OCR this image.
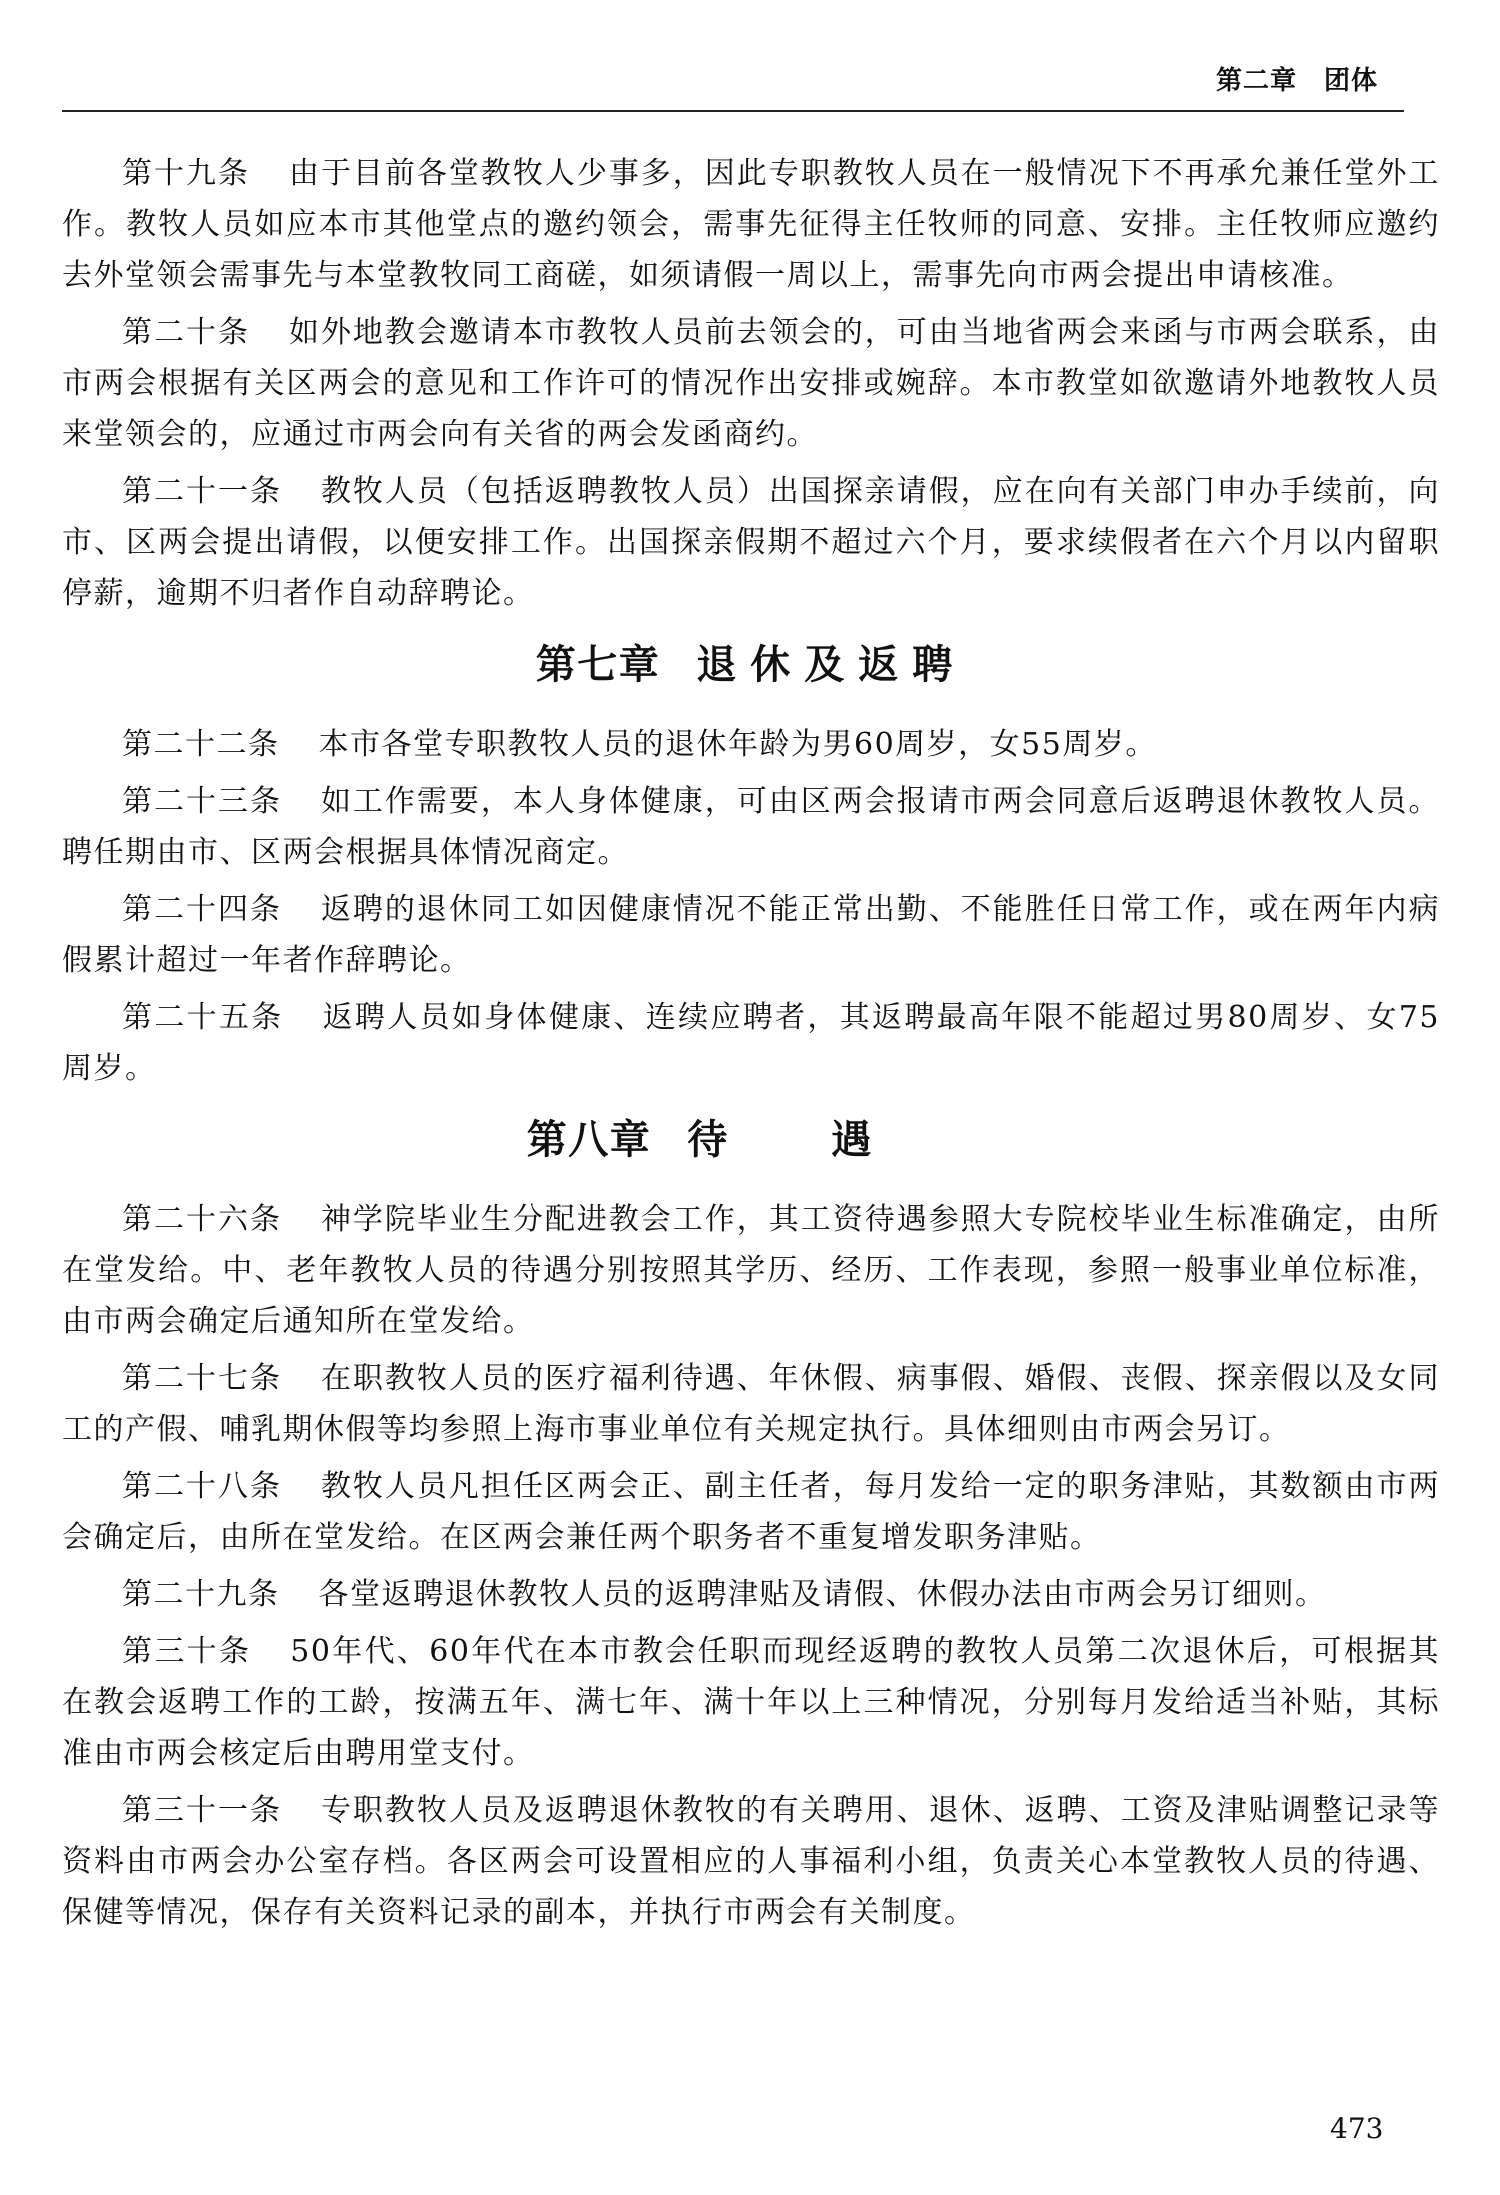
第二章　团体

第十九条 由于目前各堂教牧人少事多，因此专职教牧人员在一般情况下不再承允兼任堂外工作。教牧人员如应本市其他堂点的邀约领会，需事先征得主任牧师的同意、安排。主任牧师应邀约去外堂领会需事先与本堂教牧同工商磋，如须请假一周以上，需事先向市两会提出申请核准。

第二十条 如外地教会邀请本市教牧人员前去领会的，可由当地省两会来函与市两会联系，由市两会根据有关区两会的意见和工作许可的情况作出安排或婉辞。本市教堂如欲邀请外地教牧人员来堂领会的，应通过市两会向有关省的两会发函商约。

第二十一条 教牧人员（包括返聘教牧人员）出国探亲请假，应在向有关部门申办手续前，向市、区两会提出请假，以便安排工作。出国探亲假期不超过六个月，要求续假者在六个月以内留职停薪，逾期不归者作自动辞聘论。

第七章 退休及返聘

第二十二条 本市各堂专职教牧人员的退休年龄为男60周岁，女55周岁。

第二十三条 如工作需要，本人身体健康，可由区两会报请市两会同意后返聘退休教牧人员。聘任期由市、区两会根据具体情况商定。

第二十四条 返聘的退休同工如因健康情况不能正常出勤、不能胜任日常工作，或在两年内病假累计超过一年者作辞聘论。

第二十五条 返聘人员如身体健康、连续应聘者，其返聘最高年限不能超过男80周岁、女75周岁。

第八章 待遇

第二十六条 神学院毕业生分配进教会工作，其工资待遇参照大专院校毕业生标准确定，由所在堂发给。中、老年教牧人员的待遇分别按照其学历、经历、工作表现，参照一般事业单位标准，由市两会确定后通知所在堂发给。

第二十七条 在职教牧人员的医疗福利待遇、年休假、病事假、婚假、丧假、探亲假以及女同工的产假、哺乳期休假等均参照上海市事业单位有关规定执行。具体细则由市两会另订。

第二十八条 教牧人员凡担任区两会正、副主任者，每月发给一定的职务津贴，其数额由市两会确定后，由所在堂发给。在区两会兼任两个职务者不重复增发职务津贴。

第二十九条 各堂返聘退休教牧人员的返聘津贴及请假、休假办法由市两会另订细则。

第三十条 50年代、60年代在本市教会任职而现经返聘的教牧人员第二次退休后，可根据其在教会返聘工作的工龄，按满五年、满七年、满十年以上三种情况，分别每月发给适当补贴，其标准由市两会核定后由聘用堂支付。

第三十一条 专职教牧人员及返聘退休教牧的有关聘用、退休、返聘、工资及津贴调整记录等资料由市两会办公室存档。各区两会可设置相应的人事福利小组，负责关心本堂教牧人员的待遇、保健等情况，保存有关资料记录的副本，并执行市两会有关制度。

473
